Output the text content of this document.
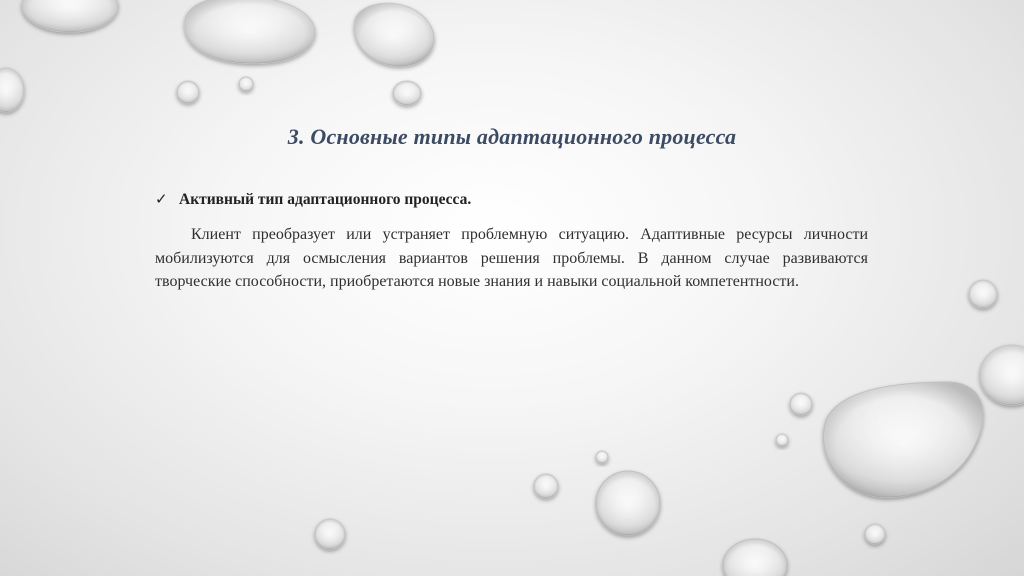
3. Основные типы адаптационного процесса
✓ Активный тип адаптационного процесса.
Клиент преобразует или устраняет проблемную ситуацию. Адаптивные ресурсы личности мобилизуются для осмысления вариантов решения проблемы. В данном случае развиваются творческие способности, приобретаются новые знания и навыки социальной компетентности.
